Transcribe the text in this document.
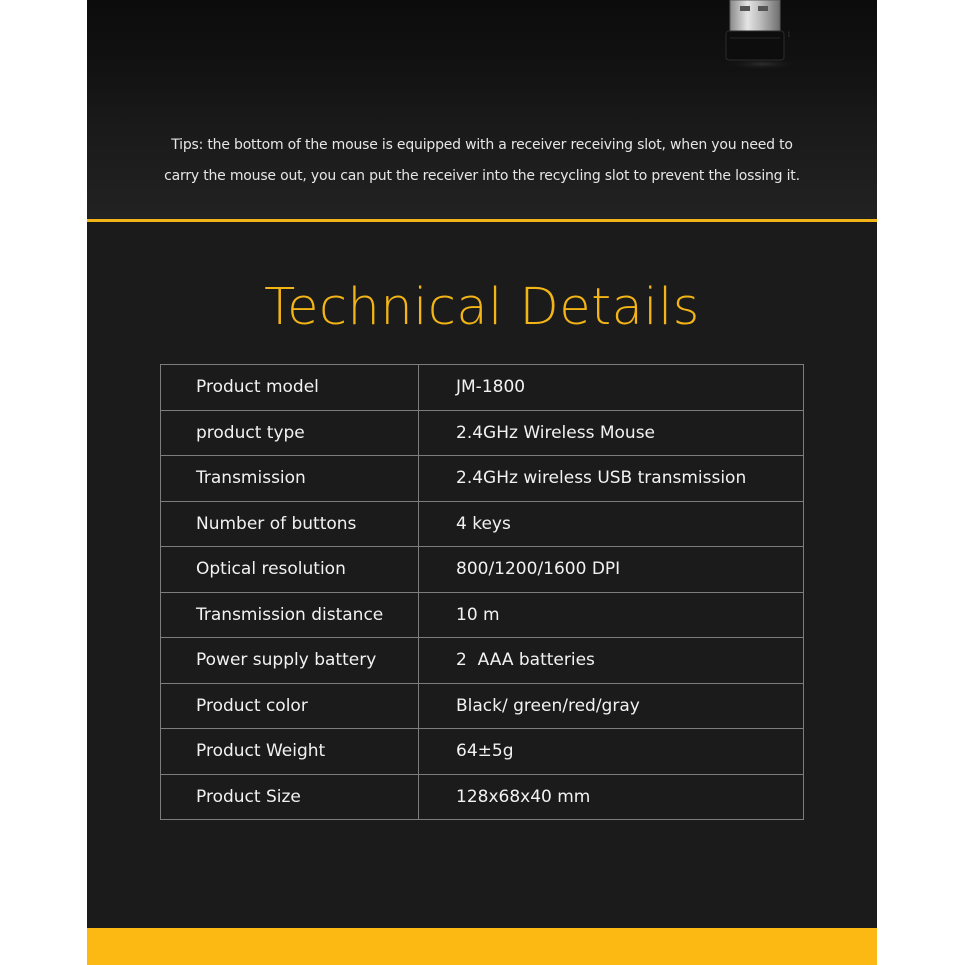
⋮
Tips: the bottom of the mouse is equipped with a receiver receiving slot, when you need to
carry the mouse out, you can put the receiver into the recycling slot to prevent the lossing it.
Technical Details
Product model	JM-1800
product type	2.4GHz Wireless Mouse
Transmission	2.4GHz wireless USB transmission
Number of buttons	4 keys
Optical resolution	800/1200/1600 DPI
Transmission distance	10 m
Power supply battery	2  AAA batteries
Product color	Black/ green/red/gray
Product Weight	64±5g
Product Size	128x68x40 mm
